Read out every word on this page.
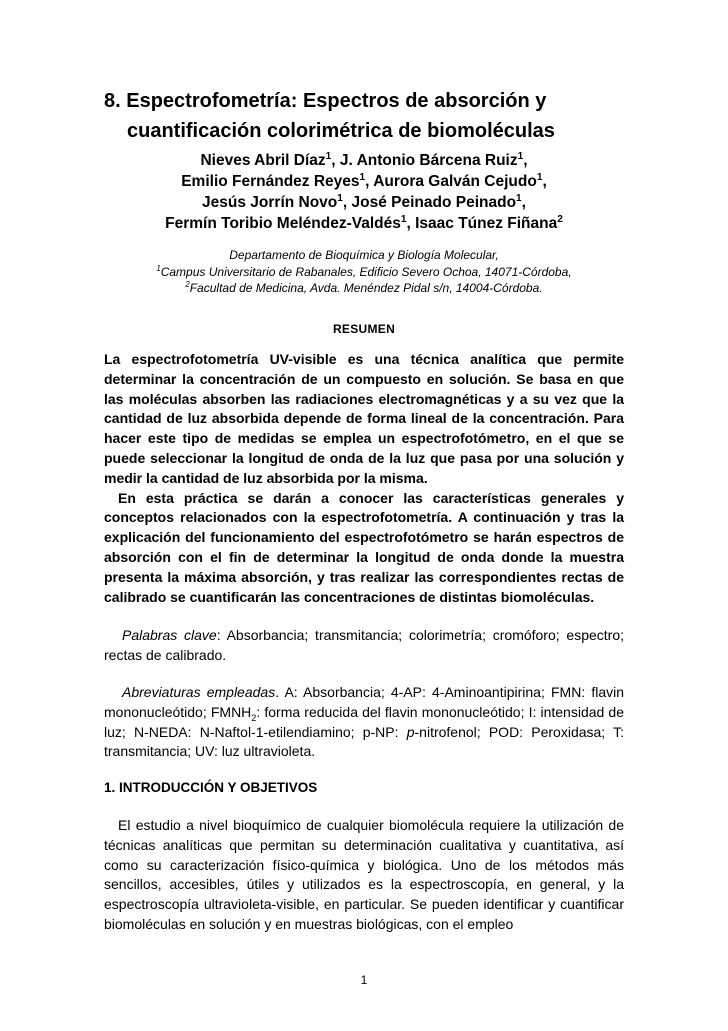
8. Espectrofometría: Espectros de absorción y
cuantificación colorimétrica de biomoléculas
Nieves Abril Díaz$^1$, J. Antonio Bárcena Ruiz$^1$,
Emilio Fernández Reyes$^1$, Aurora Galván Cejudo$^1$,
Jesús Jorrín Novo$^1$, José Peinado Peinado$^1$,
Fermín Toribio Meléndez-Valdés$^1$, Isaac Túnez Fiñana$^2$
Departamento de Bioquímica y Biología Molecular,
$^1$Campus Universitario de Rabanales, Edificio Severo Ochoa, 14071-Córdoba,
$^2$Facultad de Medicina, Avda. Menéndez Pidal s/n, 14004-Córdoba.
RESUMEN

La espectrofotometría UV-visible es una técnica analítica que permite determinar la concentración de un compuesto en solución. Se basa en que las moléculas absorben las radiaciones electromagnéticas y a su vez que la cantidad de luz absorbida depende de forma lineal de la concentración. Para hacer este tipo de medidas se emplea un espectrofotómetro, en el que se puede seleccionar la longitud de onda de la luz que pasa por una solución y medir la cantidad de luz absorbida por la misma.

En esta práctica se darán a conocer las características generales y conceptos relacionados con la espectrofotometría. A continuación y tras la explicación del funcionamiento del espectrofotómetro se harán espectros de absorción con el fin de determinar la longitud de onda donde la muestra presenta la máxima absorción, y tras realizar las correspondientes rectas de calibrado se cuantificarán las concentraciones de distintas biomoléculas.

Palabras clave: Absorbancia; transmitancia; colorimetría; cromóforo; espectro; rectas de calibrado.
Abreviaturas empleadas. A: Absorbancia; 4-AP: 4-Aminoantipirina; FMN: flavin mononucleótido; $FMNH_2$: forma reducida del flavin mononucleótido; I: intensidad de luz; N-NEDA: N-Naftol-1-etilendiamino; p-NP: p-nitrofenol; POD: Peroxidasa; T: transmitancia; UV: luz ultravioleta.
1. INTRODUCCIÓN Y OBJETIVOS
El estudio a nivel bioquímico de cualquier biomolécula requiere la utilización de técnicas analíticas que permitan su determinación cualitativa y cuantitativa, así como su caracterización físico-química y biológica. Uno de los métodos más sencillos, accesibles, útiles y utilizados es la espectroscopía, en general, y la espectroscopía ultravioleta-visible, en particular. Se pueden identificar y cuantificar biomoléculas en solución y en muestras biológicas, con el empleo
1
